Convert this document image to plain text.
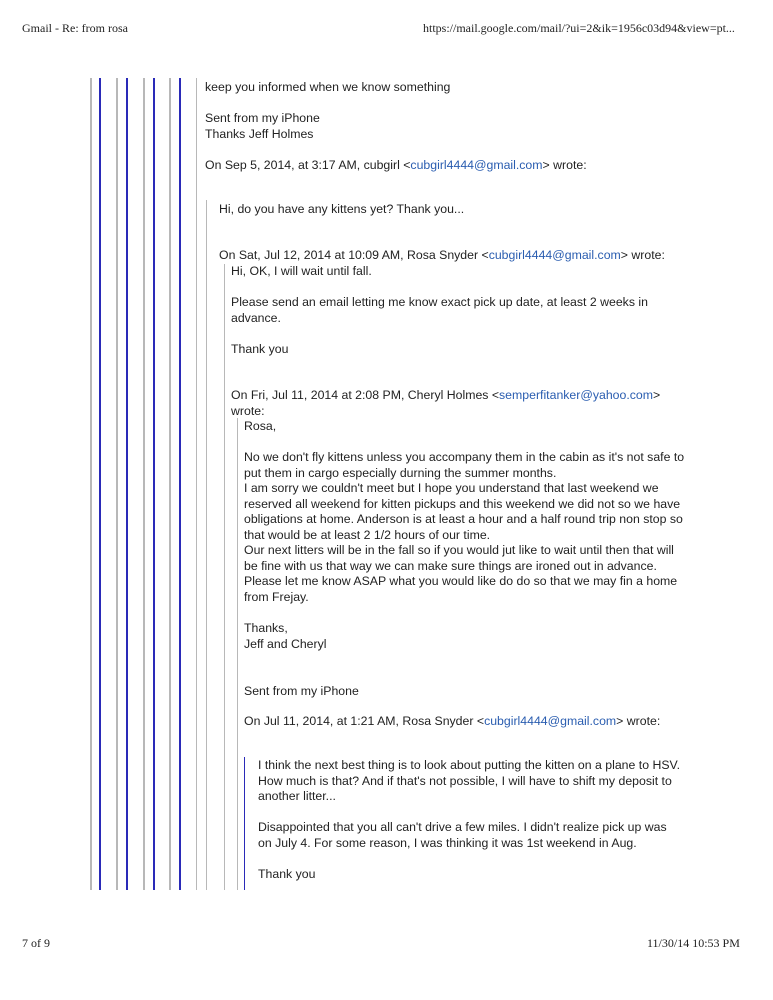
Gmail - Re: from rosa	https://mail.google.com/mail/?ui=2&ik=1956c03d94&view=pt...
keep you informed when we know something
Sent from my iPhone
Thanks Jeff Holmes
On Sep 5, 2014, at 3:17 AM, cubgirl <cubgirl4444@gmail.com> wrote:
Hi, do you have any kittens yet? Thank you...
On Sat, Jul 12, 2014 at 10:09 AM, Rosa Snyder <cubgirl4444@gmail.com> wrote:
Hi, OK, I will wait until fall.
Please send an email letting me know exact pick up date, at least 2 weeks in
advance.
Thank you
On Fri, Jul 11, 2014 at 2:08 PM, Cheryl Holmes <semperfitanker@yahoo.com>
wrote:
Rosa,
No we don't fly kittens unless you accompany them in the cabin as it's not safe to
put them in cargo especially durning the summer months.
I am sorry we couldn't meet but I hope you understand that last weekend we
reserved all weekend for kitten pickups and this weekend we did not so we have
obligations at home. Anderson is at least a hour and a half round trip non stop so
that would be at least 2 1/2 hours of our time.
Our next litters will be in the fall so if you would jut like to wait until then that will
be fine with us that way we can make sure things are ironed out in advance.
Please let me know ASAP what you would like do do so that we may fin a home
from Frejay.
Thanks,
Jeff and Cheryl
Sent from my iPhone
On Jul 11, 2014, at 1:21 AM, Rosa Snyder <cubgirl4444@gmail.com> wrote:
I think the next best thing is to look about putting the kitten on a plane to HSV.
How much is that? And if that's not possible, I will have to shift my deposit to
another litter...
Disappointed that you all can't drive a few miles. I didn't realize pick up was
on July 4. For some reason, I was thinking it was 1st weekend in Aug.
Thank you
7 of 9	11/30/14 10:53 PM
